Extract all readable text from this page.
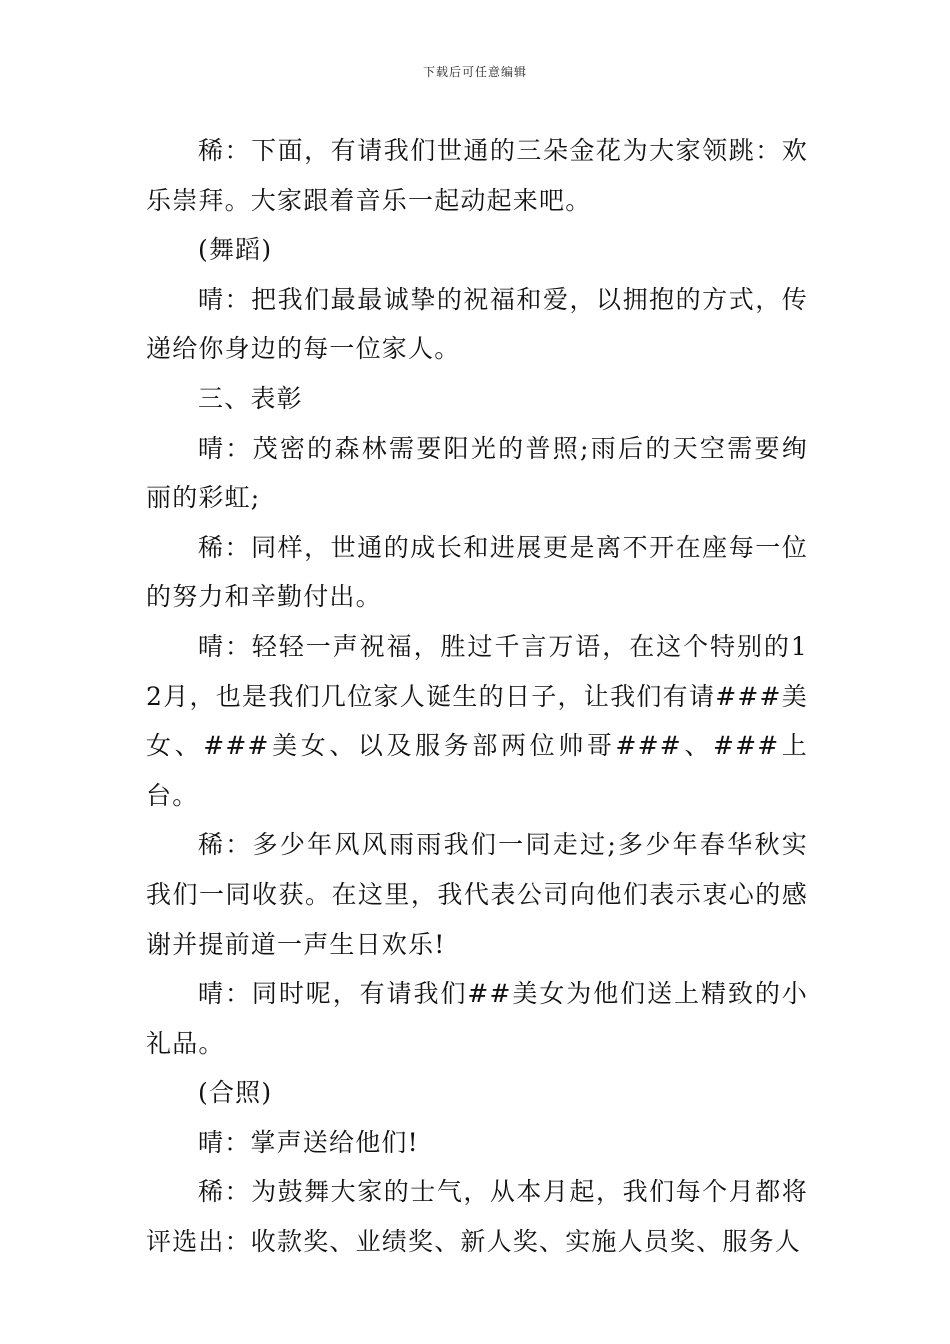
下载后可任意编辑

稀：下面，有请我们世通的三朵金花为大家领跳：欢乐崇拜。大家跟着音乐一起动起来吧。

(舞蹈)

晴：把我们最最诚挚的祝福和爱，以拥抱的方式，传递给你身边的每一位家人。

三、表彰

晴：茂密的森林需要阳光的普照;雨后的天空需要绚丽的彩虹;

稀：同样，世通的成长和进展更是离不开在座每一位的努力和辛勤付出。

晴：轻轻一声祝福，胜过千言万语，在这个特别的12月，也是我们几位家人诞生的日子，让我们有请###美女、###美女、以及服务部两位帅哥###、###上台。

稀：多少年风风雨雨我们一同走过;多少年春华秋实我们一同收获。在这里，我代表公司向他们表示衷心的感谢并提前道一声生日欢乐!

晴：同时呢，有请我们##美女为他们送上精致的小礼品。

(合照)

晴：掌声送给他们!

稀：为鼓舞大家的士气，从本月起，我们每个月都将评选出：收款奖、业绩奖、新人奖、实施人员奖、服务人
